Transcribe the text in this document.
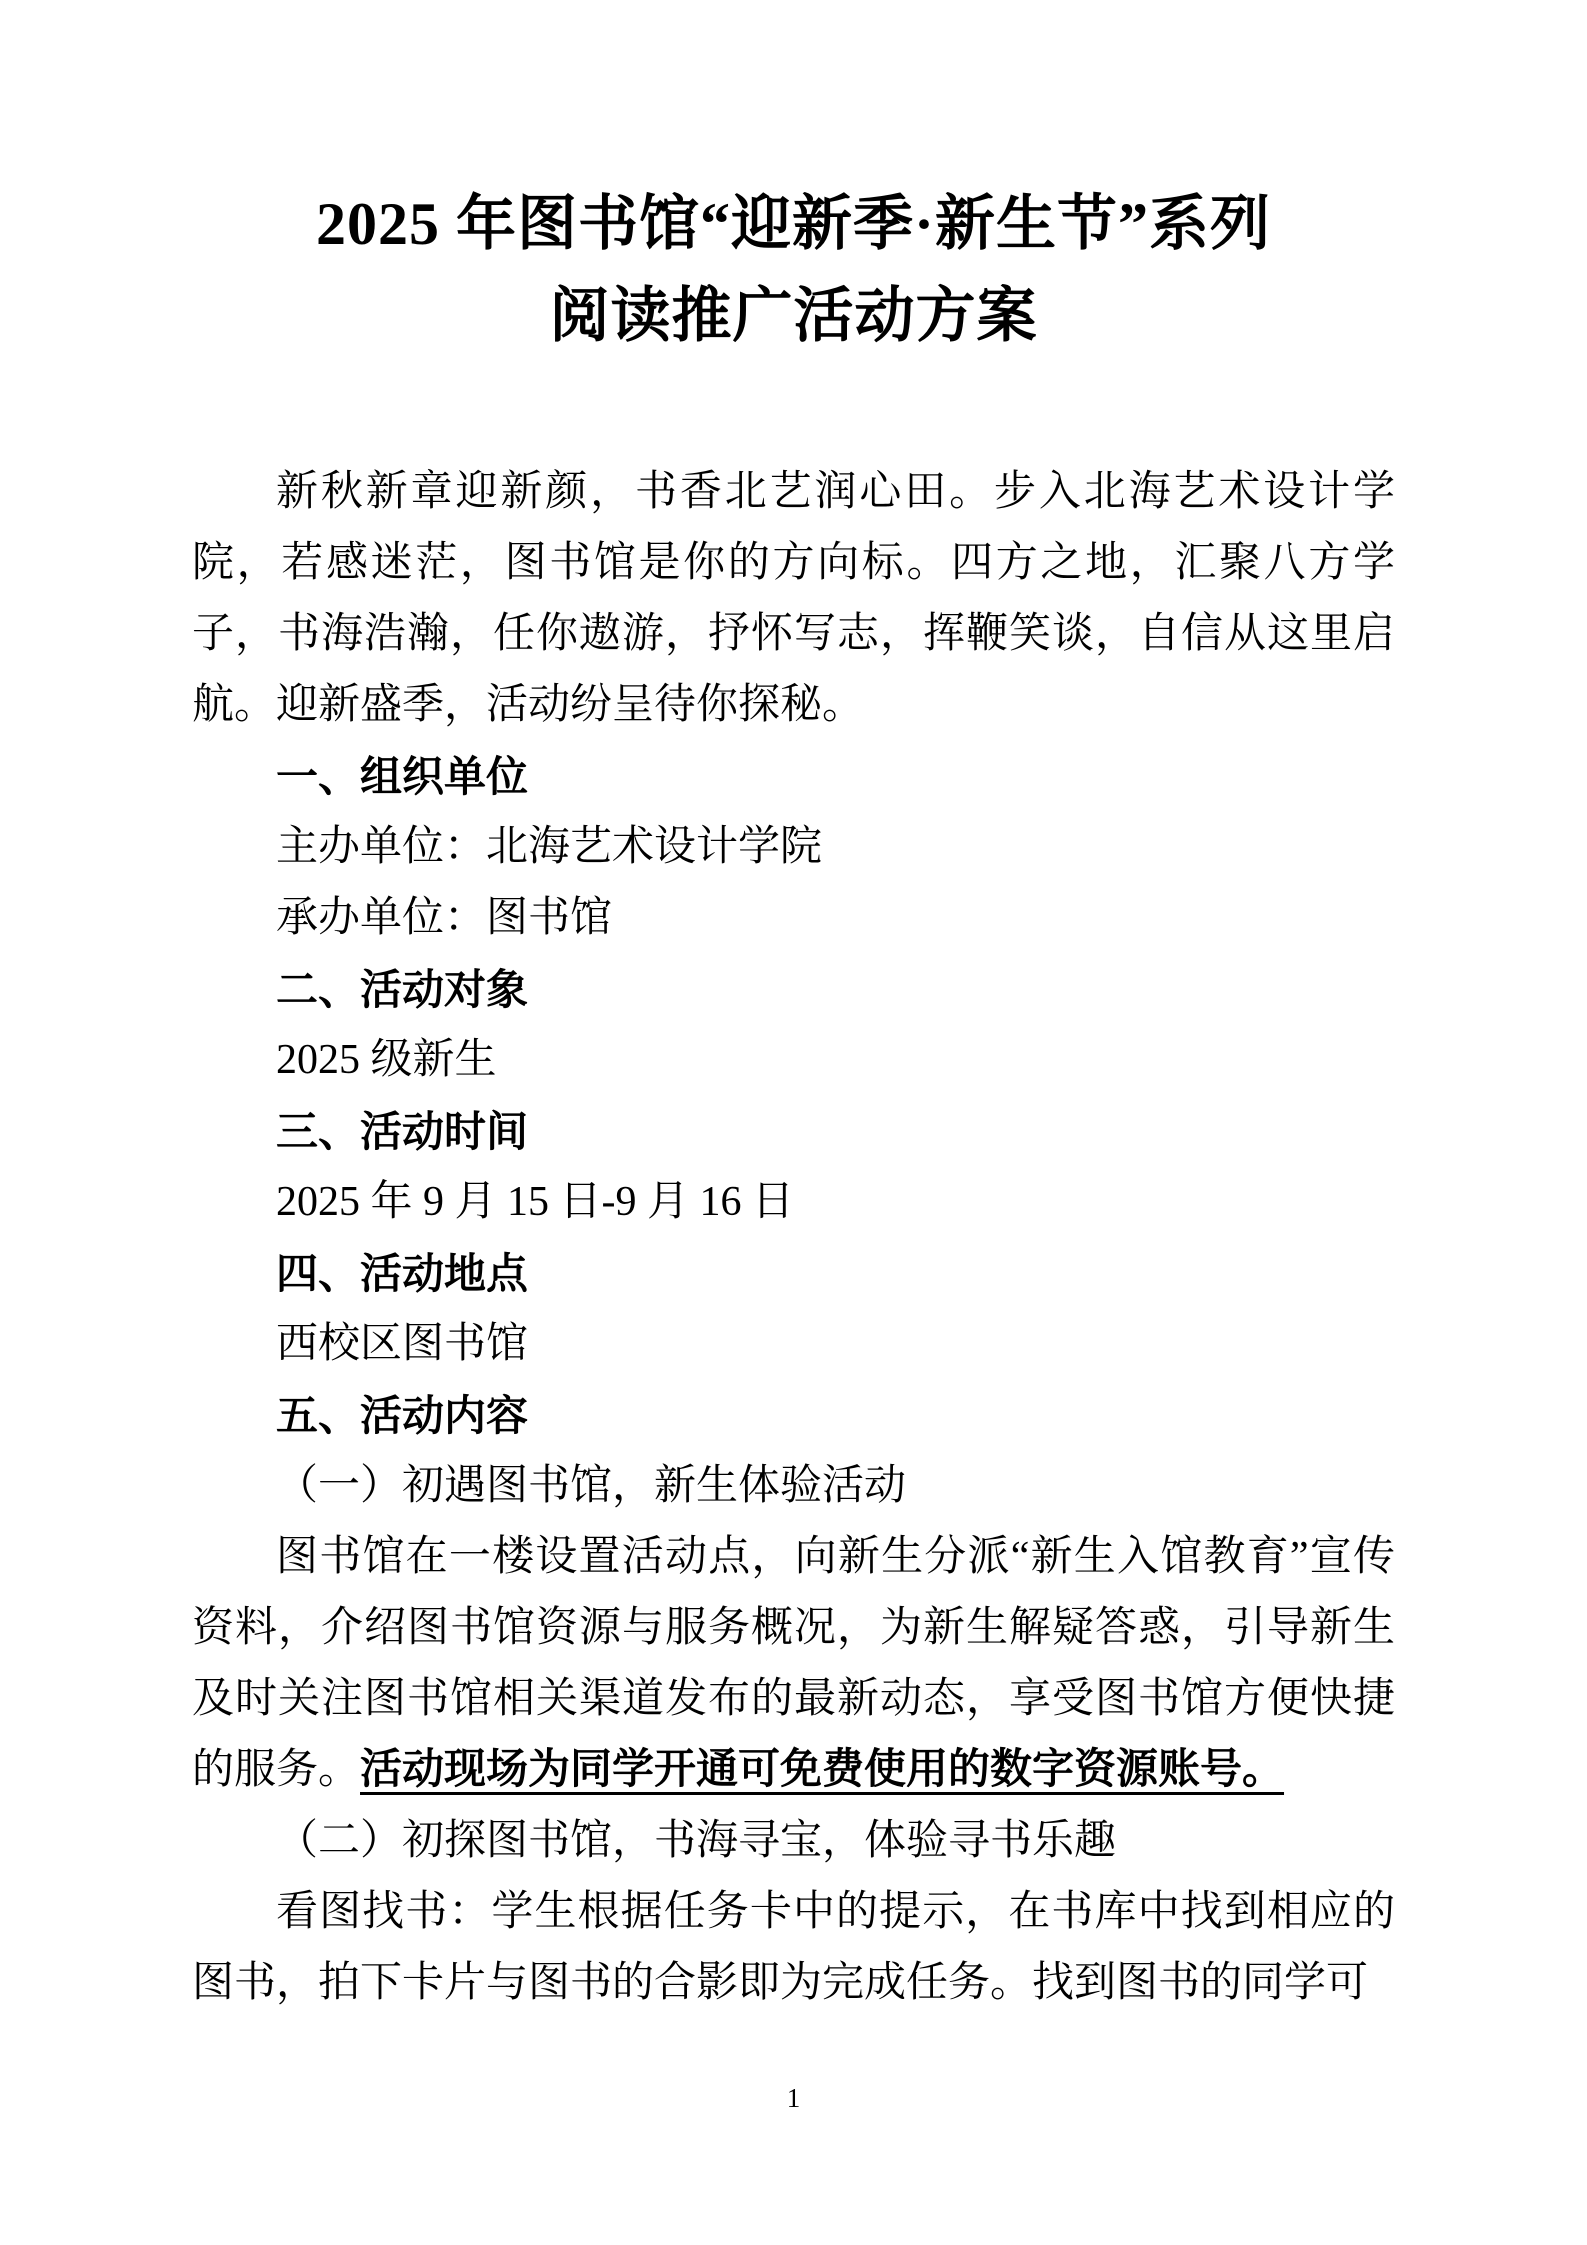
2025 年图书馆“迎新季·新生节”系列
阅读推广活动方案

新秋新章迎新颜，书香北艺润心田。步入北海艺术设计学院，若感迷茫，图书馆是你的方向标。四方之地，汇聚八方学子，书海浩瀚，任你遨游，抒怀写志，挥鞭笑谈，自信从这里启航。迎新盛季，活动纷呈待你探秘。

一、组织单位

主办单位：北海艺术设计学院

承办单位：图书馆

二、活动对象

2025 级新生

三、活动时间

2025 年 9 月 15 日-9 月 16 日

四、活动地点

西校区图书馆

五、活动内容

（一）初遇图书馆，新生体验活动

图书馆在一楼设置活动点，向新生分派“新生入馆教育”宣传资料，介绍图书馆资源与服务概况，为新生解疑答惑，引导新生及时关注图书馆相关渠道发布的最新动态，享受图书馆方便快捷的服务。活动现场为同学开通可免费使用的数字资源账号。

（二）初探图书馆，书海寻宝，体验寻书乐趣

看图找书：学生根据任务卡中的提示，在书库中找到相应的图书，拍下卡片与图书的合影即为完成任务。找到图书的同学可

1
